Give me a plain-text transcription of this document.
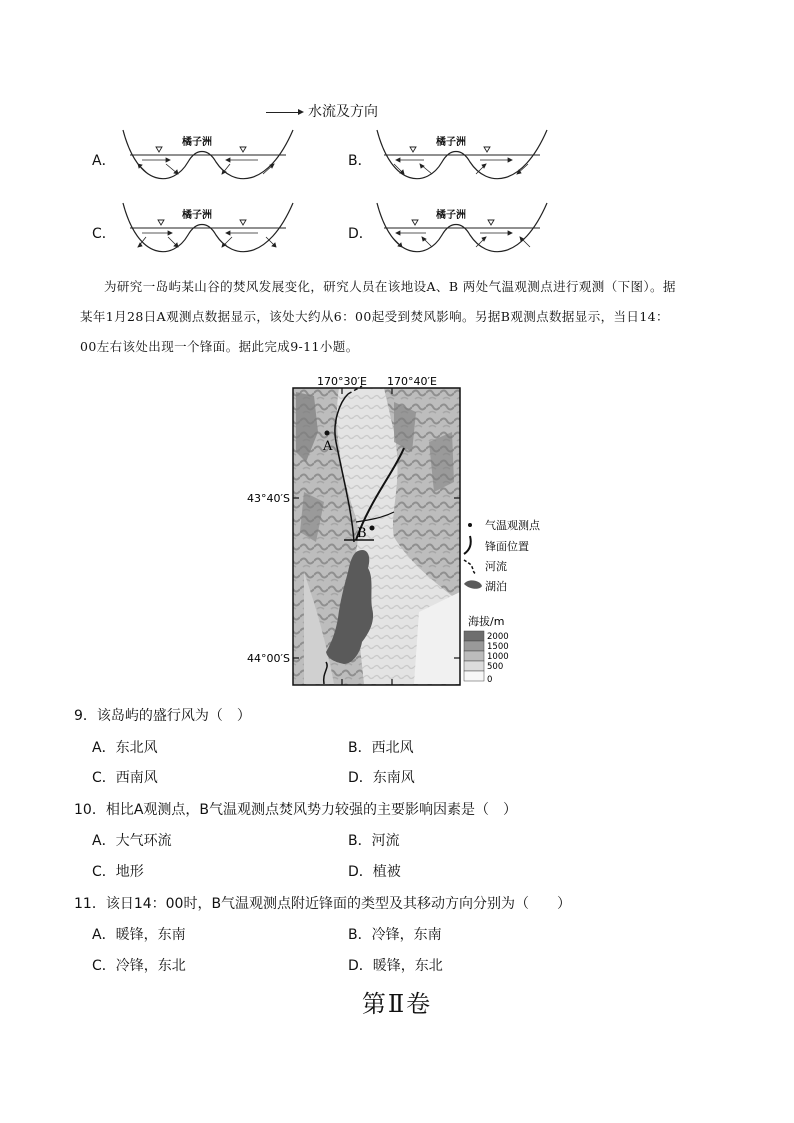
水流及方向
A．
橘子洲
B．
橘子洲
C．
橘子洲
D．
橘子洲

为研究一岛屿某山谷的焚风发展变化，研究人员在该地设A、B 两处气温观测点进行观测（下图）。据

某年1月28日A观测点数据显示，该处大约从6：00起受到焚风影响。另据B观测点数据显示，当日14：
00左右该处出现一个锋面。据此完成9-11小题。
170°30′E 170°40′E
43°40′S
44°00′S
A
B
气温观测点
锋面位置
河流
湖泊
海拔/m
2000
1500
1000
500
0
9．该岛屿的盛行风为（　）
A．东北风	B．西北风
C．西南风	D．东南风
10．相比A观测点，B气温观测点焚风势力较强的主要影响因素是（　）
A．大气环流	B．河流
C．地形	D．植被
11．该日14：00时，B气温观测点附近锋面的类型及其移动方向分别为（　　）
A．暖锋，东南	B．冷锋，东南
C．冷锋，东北	D．暖锋，东北
第Ⅱ卷
